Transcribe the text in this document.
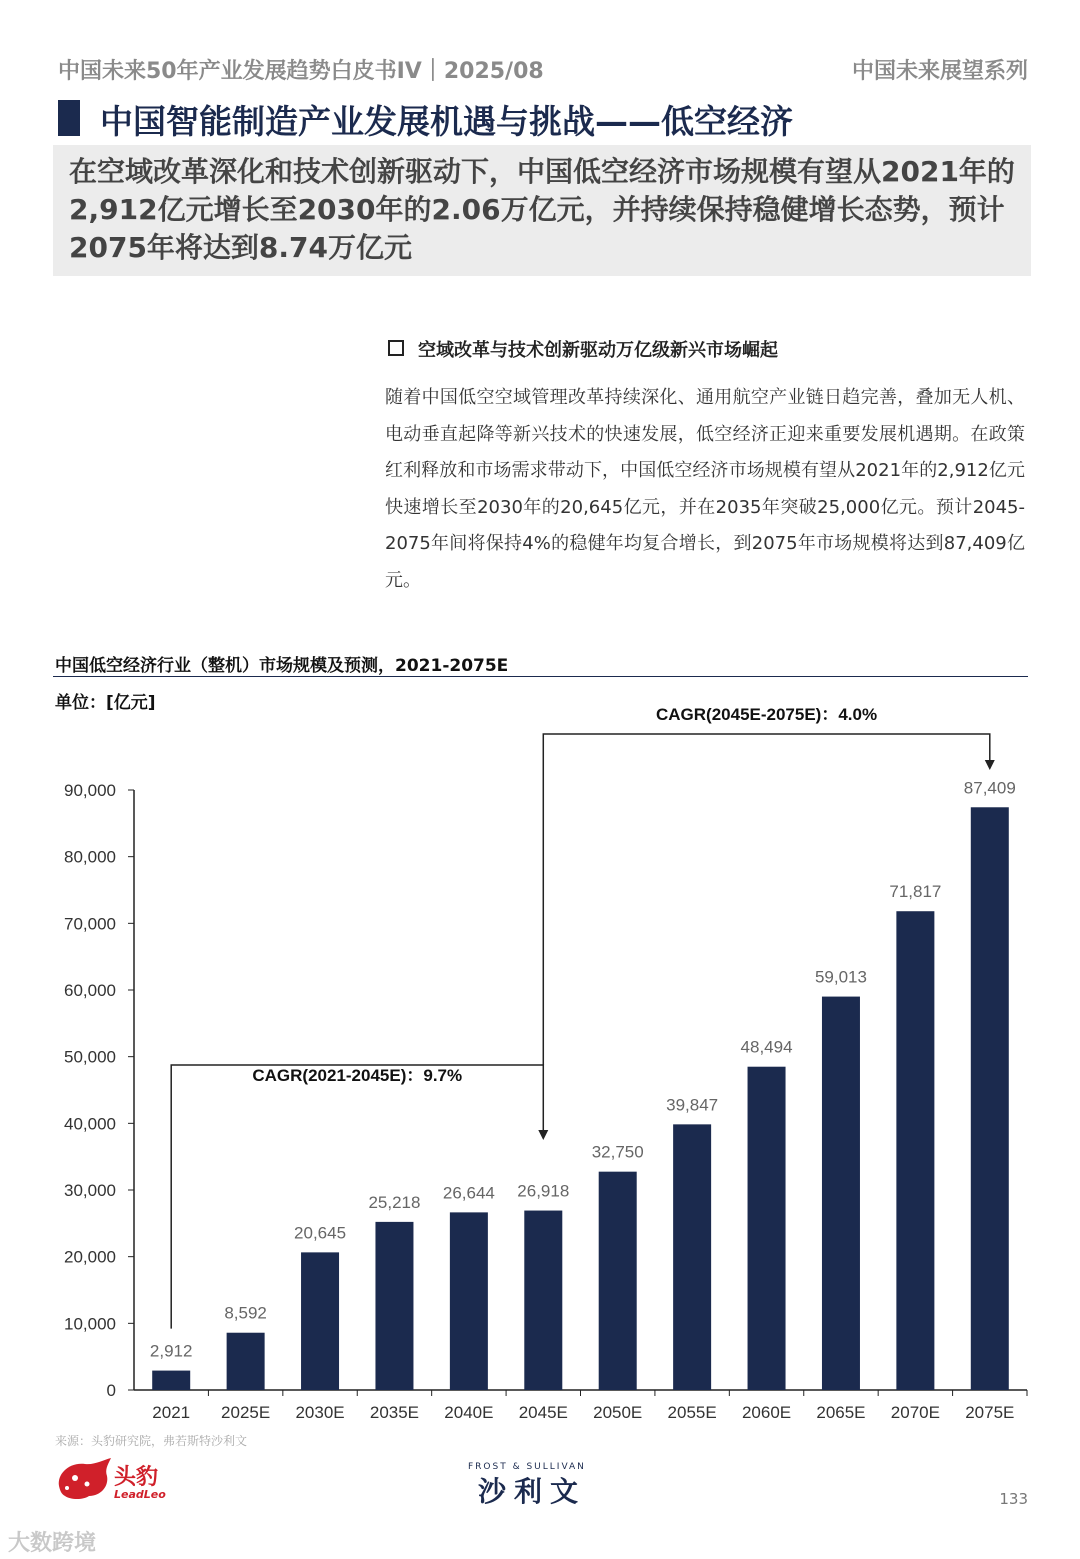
中国未来50年产业发展趋势白皮书IV｜2025/08	中国未来展望系列
中国智能制造产业发展机遇与挑战——低空经济

在空域改革深化和技术创新驱动下，中国低空经济市场规模有望从2021年的2,912亿元增长至2030年的2.06万亿元，并持续保持稳健增长态势，预计2075年将达到8.74万亿元

空域改革与技术创新驱动万亿级新兴市场崛起

随着中国低空空域管理改革持续深化、通用航空产业链日趋完善，叠加无人机、电动垂直起降等新兴技术的快速发展，低空经济正迎来重要发展机遇期。在政策红利释放和市场需求带动下，中国低空经济市场规模有望从2021年的2,912亿元快速增长至2030年的20,645亿元，并在2035年突破25,000亿元。预计2045-2075年间将保持4%的稳健年均复合增长，到2075年市场规模将达到87,409亿元。

中国低空经济行业（整机）市场规模及预测，2021-2075E
单位：[亿元]
0
10,000
20,000
30,000
40,000
50,000
60,000
70,000
80,000
90,000
2,912
2021
8,592
2025E
20,645
2030E
25,218
2035E
26,644
2040E
26,918
2045E
32,750
2050E
39,847
2055E
48,494
2060E
59,013
2065E
71,817
2070E
87,409
2075E
CAGR(2021-2045E)：9.7%
CAGR(2045E-2075E)：4.0%
来源：头豹研究院，弗若斯特沙利文
头豹
LeadLeo
FROST & SULLIVAN
沙利文	133
大数跨境
